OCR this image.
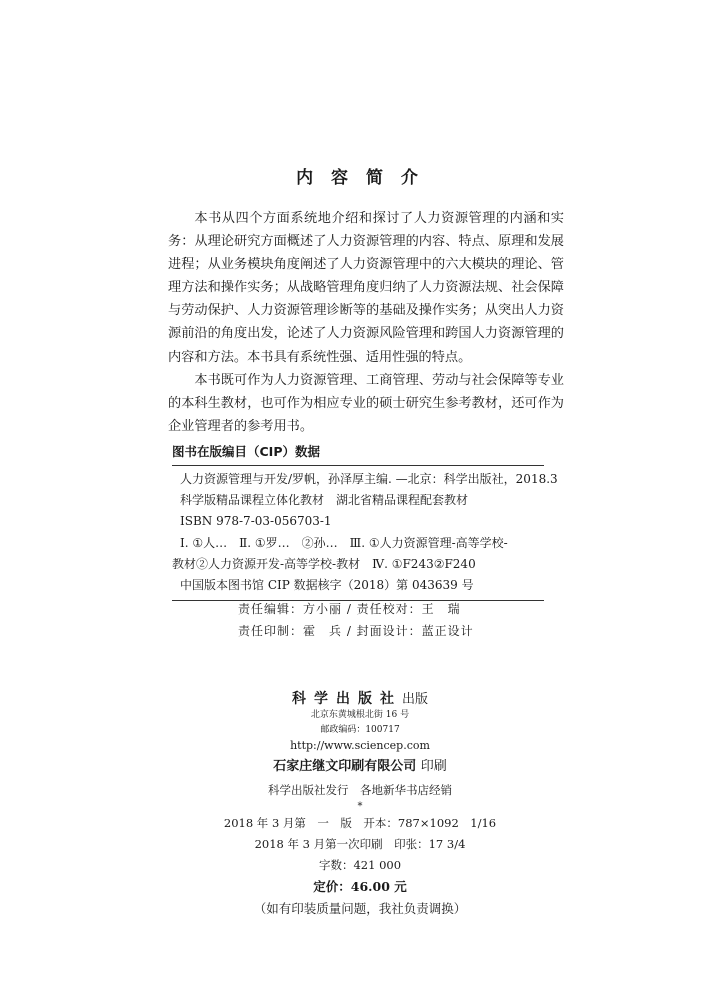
内 容 简 介

本书从四个方面系统地介绍和探讨了人力资源管理的内涵和实务：从理论研究方面概述了人力资源管理的内容、特点、原理和发展进程；从业务模块角度阐述了人力资源管理中的六大模块的理论、管理方法和操作实务；从战略管理角度归纳了人力资源法规、社会保障与劳动保护、人力资源管理诊断等的基础及操作实务；从突出人力资源前沿的角度出发，论述了人力资源风险管理和跨国人力资源管理的内容和方法。本书具有系统性强、适用性强的特点。

本书既可作为人力资源管理、工商管理、劳动与社会保障等专业的本科生教材，也可作为相应专业的硕士研究生参考教材，还可作为企业管理者的参考用书。

图书在版编目（CIP）数据
人力资源管理与开发/罗帆，孙泽厚主编. —北京：科学出版社，2018.3
科学版精品课程立体化教材　湖北省精品课程配套教材
ISBN 978-7-03-056703-1
Ⅰ. ①人…　Ⅱ. ①罗…　②孙…　Ⅲ. ①人力资源管理-高等学校-
教材②人力资源开发-高等学校-教材　Ⅳ. ①F243②F240
中国版本图书馆 CIP 数据核字（2018）第 043639 号
责任编辑：方小丽 / 责任校对：王　瑞
责任印制：霍　兵 / 封面设计：蓝正设计
科学出版社出版
北京东黄城根北街 16 号
邮政编码：100717
http://www.sciencep.com
石家庄继文印刷有限公司 印刷
科学出版社发行　各地新华书店经销
*
2018 年 3 月第　一　版　开本：787×1092　1/16
2018 年 3 月第一次印刷　印张：17 3/4
字数：421 000
定价：46.00 元
（如有印装质量问题，我社负责调换）
